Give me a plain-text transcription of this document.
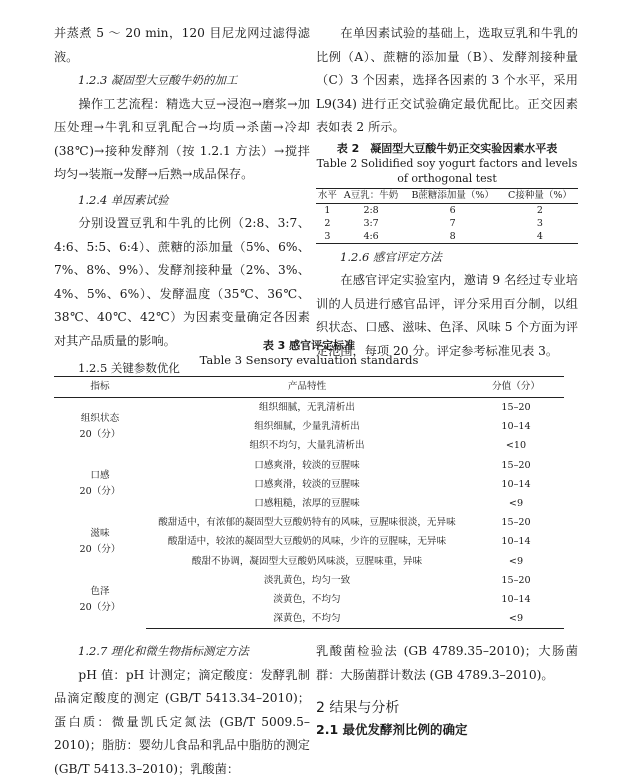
并蒸煮 5 ～ 20 min，120 目尼龙网过滤得滤液。

1.2.3 凝固型大豆酸牛奶的加工

操作工艺流程：精选大豆→浸泡→磨浆→加压处理→牛乳和豆乳配合→均质→杀菌→冷却 (38℃)→接种发酵剂（按 1.2.1 方法）→搅拌均匀→装瓶→发酵→后熟→成品保存。

1.2.4 单因素试验

分别设置豆乳和牛乳的比例（2:8、3:7、4:6、5:5、6:4）、蔗糖的添加量（5%、6%、7%、8%、9%）、发酵剂接种量（2%、3%、4%、5%、6%）、发酵温度（35℃、36℃、38℃、40℃、42℃）为因素变量确定各因素对其产品质量的影响。

1.2.5 关键参数优化

在单因素试验的基础上，选取豆乳和牛乳的比例（A）、蔗糖的添加量（B）、发酵剂接种量（C）3 个因素，选择各因素的 3 个水平，采用 L9(34) 进行正交试验确定最优配比。正交因素表如表 2 所示。

表 2　凝固型大豆酸牛奶正交实验因素水平表

Table 2 Solidified soy yogurt factors and levels of orthogonal test

水平	A豆乳：牛奶	B蔗糖添加量（%）	C接种量（%）
1	2:8	6	2
2	3:7	7	3
3	4:6	8	4

1.2.6 感官评定方法

在感官评定实验室内，邀请 9 名经过专业培训的人员进行感官品评，评分采用百分制，以组织状态、口感、滋味、色泽、风味 5 个方面为评定范围，每项 20 分。评定参考标准见表 3。

表 3 感官评定标准

Table 3 Sensory evaluation standards

指标	产品特性	分值（分）
组织状态
20（分）	组织细腻，无乳清析出	15–20
	组织细腻，少量乳清析出	10–14
	组织不均匀，大量乳清析出	<10
口感
20（分）	口感爽滑，较淡的豆腥味	15–20
	口感爽滑，较淡的豆腥味	10–14
	口感粗糙，浓厚的豆腥味	<9
滋味
20（分）	酸甜适中，有浓郁的凝固型大豆酸奶特有的风味，豆腥味很淡，无异味	15–20
	酸甜适中，较浓的凝固型大豆酸奶的风味，少许的豆腥味，无异味	10–14
	酸甜不协调，凝固型大豆酸奶风味淡，豆腥味重，异味	<9
色泽
20（分）	淡乳黄色，均匀一致	15–20
	淡黄色，不均匀	10–14
	深黄色，不均匀	<9

1.2.7 理化和微生物指标测定方法

pH 值：pH 计测定；滴定酸度：发酵乳制品滴定酸度的测定 (GB/T 5413.34–2010)；蛋白质：微量凯氏定氮法 (GB/T 5009.5–2010)；脂肪：婴幼儿食品和乳品中脂肪的测定 (GB/T 5413.3–2010)；乳酸菌：

乳酸菌检验法 (GB 4789.35–2010)；大肠菌群：大肠菌群计数法 (GB 4789.3–2010)。

2 结果与分析

2.1 最优发酵剂比例的确定
